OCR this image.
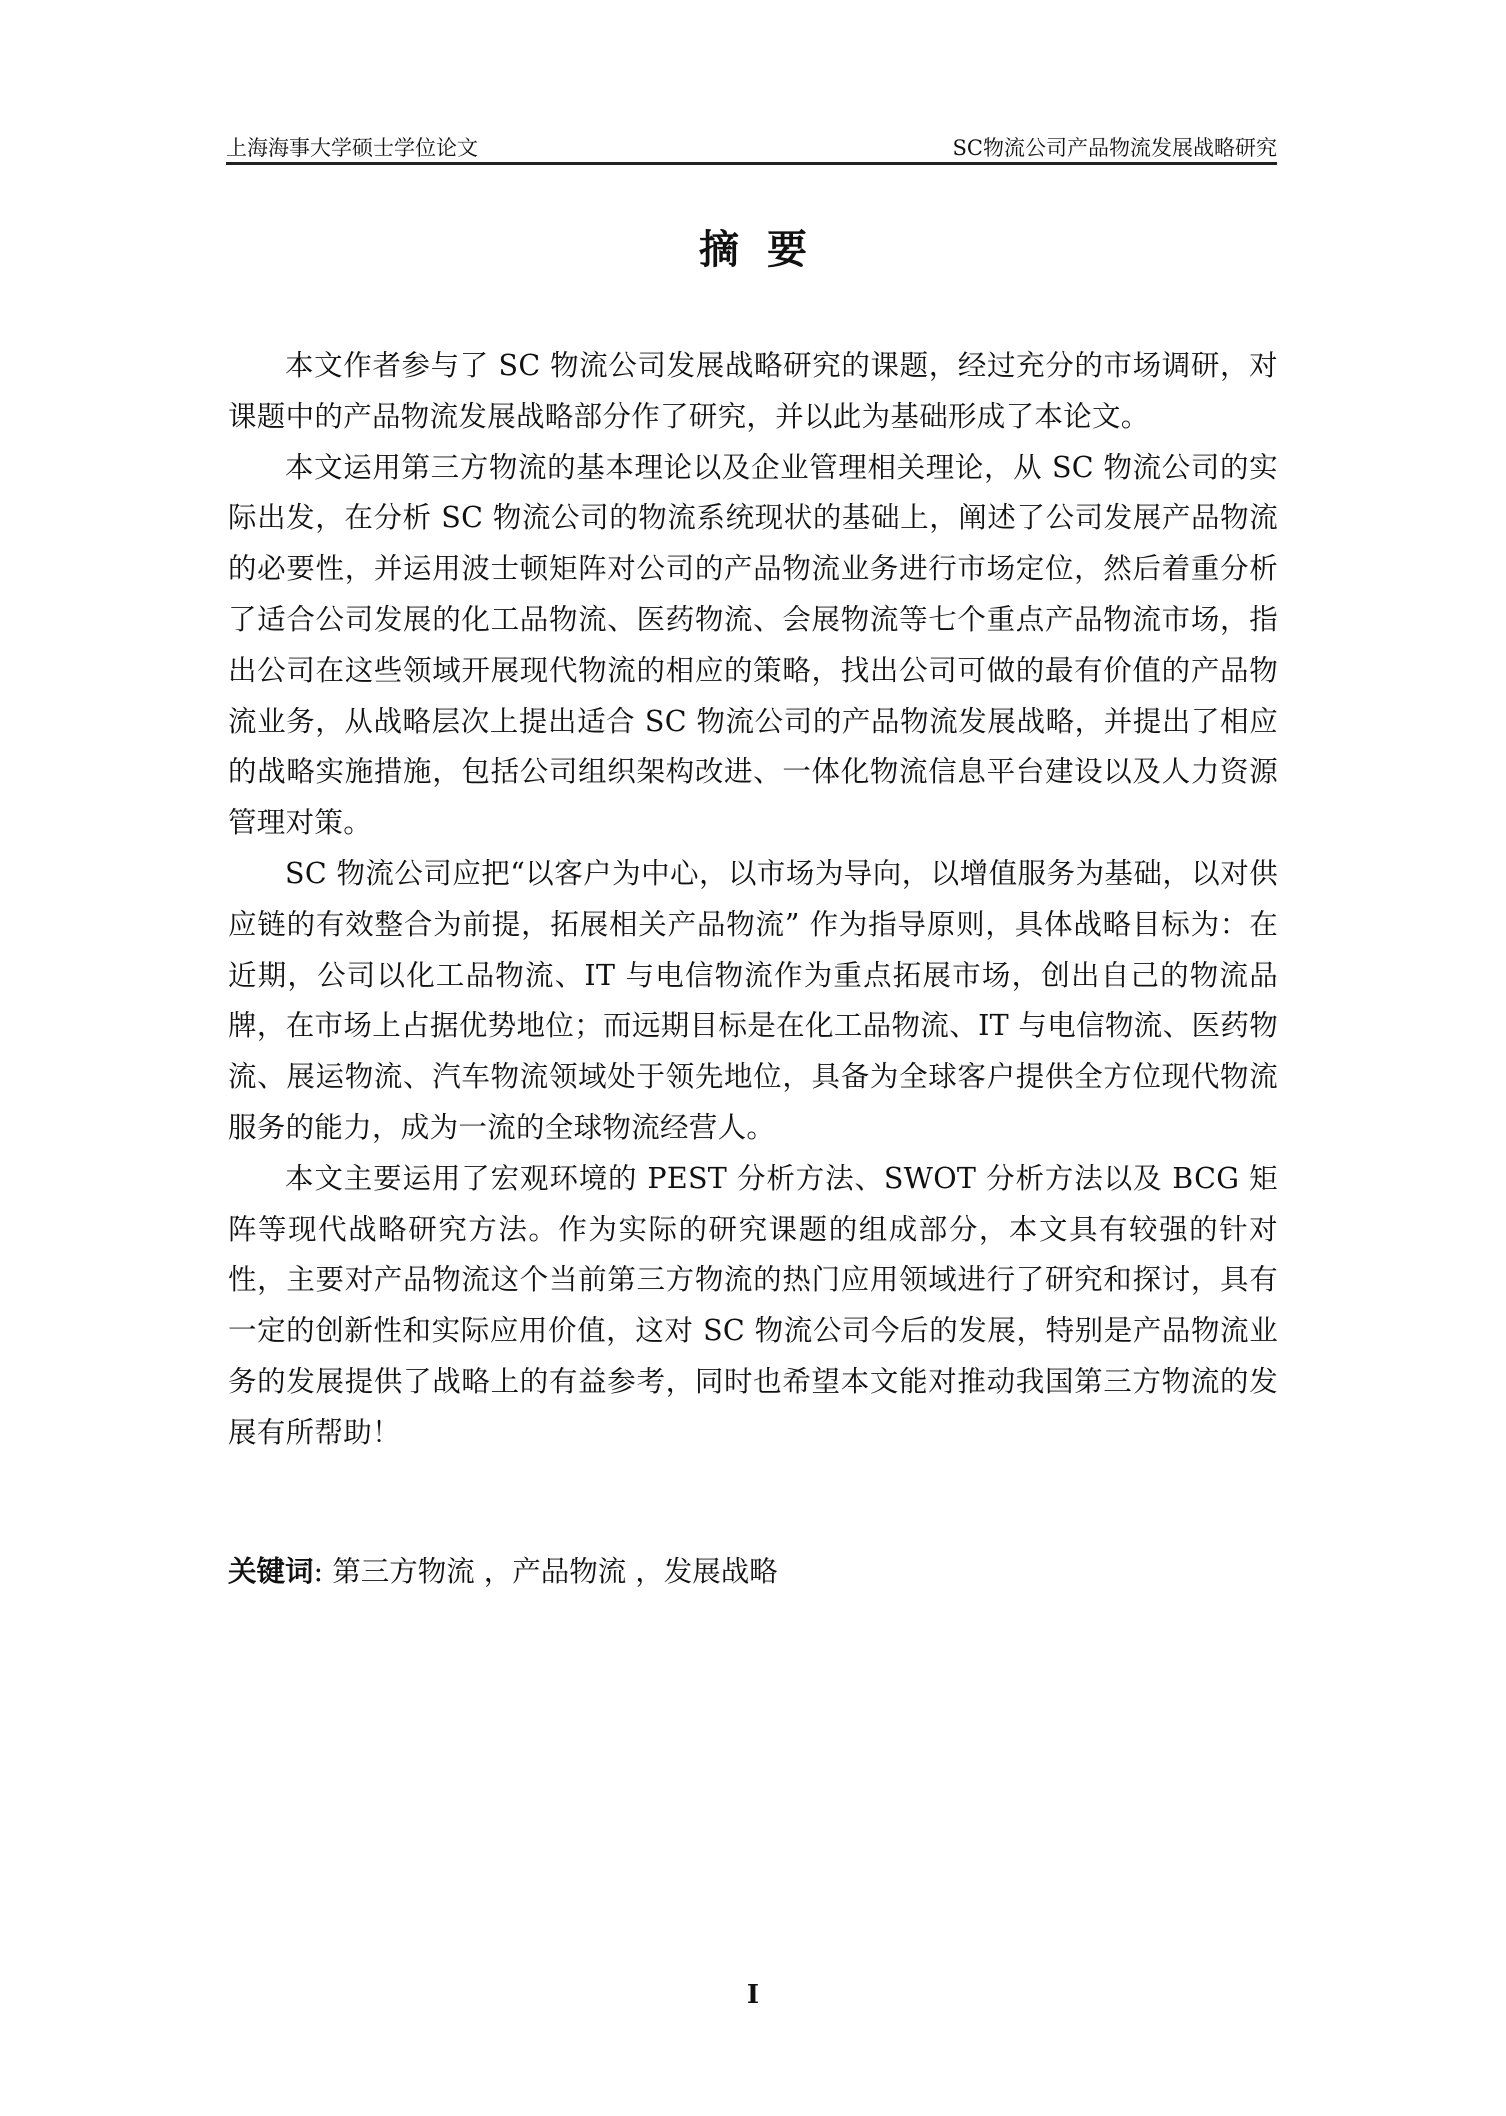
上海海事大学硕士学位论文	SC物流公司产品物流发展战略研究
摘要

本文作者参与了 SC 物流公司发展战略研究的课题，经过充分的市场调研，对课题中的产品物流发展战略部分作了研究，并以此为基础形成了本论文。

本文运用第三方物流的基本理论以及企业管理相关理论，从 SC 物流公司的实际出发，在分析 SC 物流公司的物流系统现状的基础上，阐述了公司发展产品物流的必要性，并运用波士顿矩阵对公司的产品物流业务进行市场定位，然后着重分析了适合公司发展的化工品物流、医药物流、会展物流等七个重点产品物流市场，指出公司在这些领域开展现代物流的相应的策略，找出公司可做的最有价值的产品物流业务，从战略层次上提出适合 SC 物流公司的产品物流发展战略，并提出了相应的战略实施措施，包括公司组织架构改进、一体化物流信息平台建设以及人力资源管理对策。

SC 物流公司应把“以客户为中心，以市场为导向，以增值服务为基础，以对供应链的有效整合为前提，拓展相关产品物流” 作为指导原则，具体战略目标为：在近期，公司以化工品物流、IT 与电信物流作为重点拓展市场，创出自己的物流品牌，在市场上占据优势地位；而远期目标是在化工品物流、IT 与电信物流、医药物流、展运物流、汽车物流领域处于领先地位，具备为全球客户提供全方位现代物流服务的能力，成为一流的全球物流经营人。

本文主要运用了宏观环境的 PEST 分析方法、SWOT 分析方法以及 BCG 矩阵等现代战略研究方法。作为实际的研究课题的组成部分，本文具有较强的针对性，主要对产品物流这个当前第三方物流的热门应用领域进行了研究和探讨，具有一定的创新性和实际应用价值，这对 SC 物流公司今后的发展，特别是产品物流业务的发展提供了战略上的有益参考，同时也希望本文能对推动我国第三方物流的发展有所帮助！

关键词: 第三方物流 ，产品物流 ，发展战略
I
